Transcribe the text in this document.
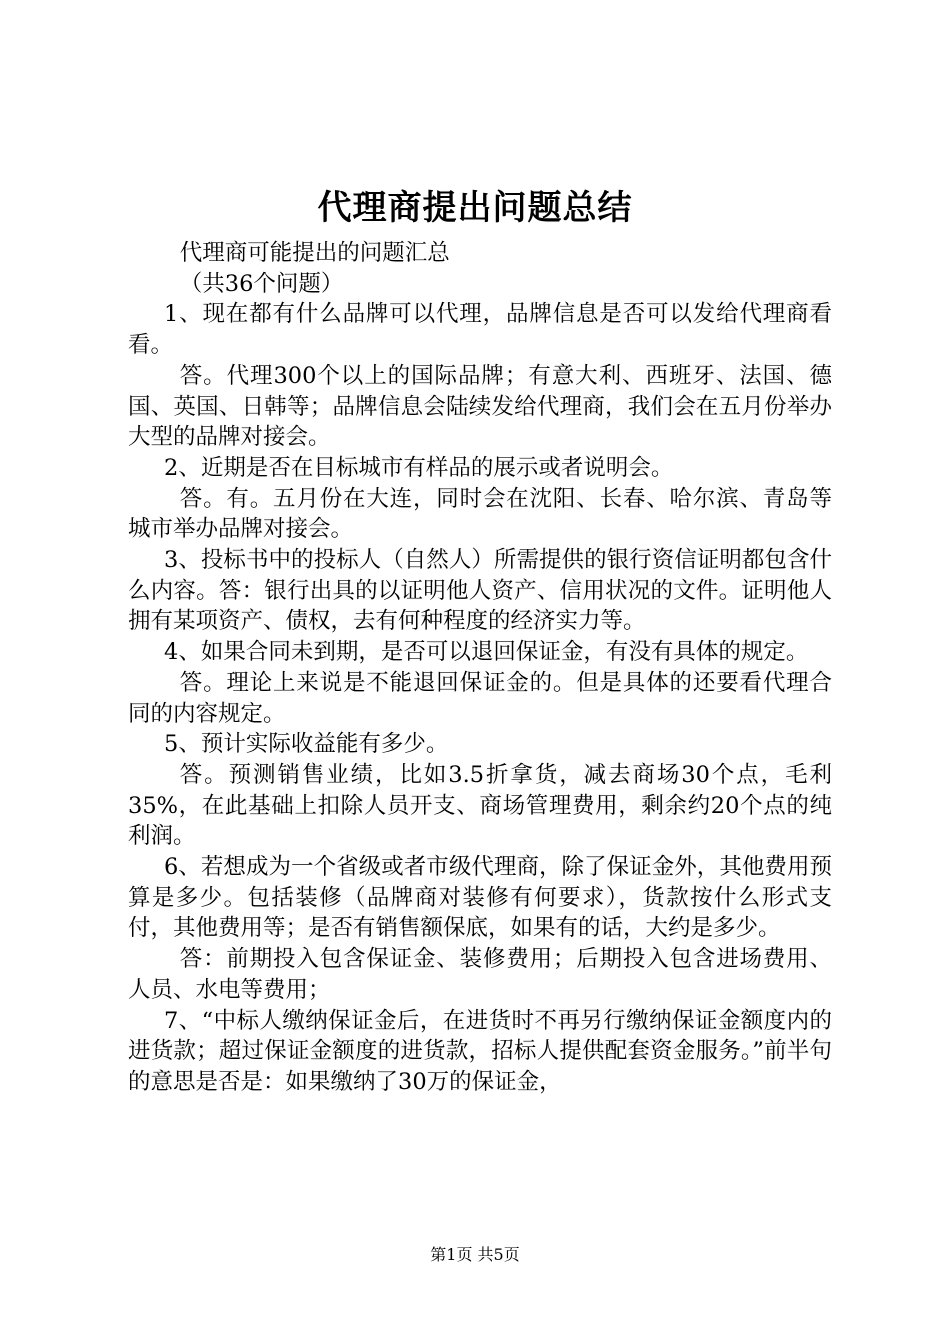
代理商提出问题总结

代理商可能提出的问题汇总

（共36个问题）

1、现在都有什么品牌可以代理，品牌信息是否可以发给代理商看看。

答。代理300个以上的国际品牌；有意大利、西班牙、法国、德国、英国、日韩等；品牌信息会陆续发给代理商，我们会在五月份举办大型的品牌对接会。

2、近期是否在目标城市有样品的展示或者说明会。

答。有。五月份在大连，同时会在沈阳、长春、哈尔滨、青岛等城市举办品牌对接会。

3、投标书中的投标人（自然人）所需提供的银行资信证明都包含什么内容。答：银行出具的以证明他人资产、信用状况的文件。证明他人拥有某项资产、债权，去有何种程度的经济实力等。

4、如果合同未到期，是否可以退回保证金，有没有具体的规定。

答。理论上来说是不能退回保证金的。但是具体的还要看代理合同的内容规定。

5、预计实际收益能有多少。

答。预测销售业绩，比如3.5折拿货，减去商场30个点，毛利35%，在此基础上扣除人员开支、商场管理费用，剩余约20个点的纯利润。

6、若想成为一个省级或者市级代理商，除了保证金外，其他费用预算是多少。包括装修（品牌商对装修有何要求），货款按什么形式支付，其他费用等；是否有销售额保底，如果有的话，大约是多少。

答：前期投入包含保证金、装修费用；后期投入包含进场费用、人员、水电等费用；

7、“中标人缴纳保证金后，在进货时不再另行缴纳保证金额度内的进货款；超过保证金额度的进货款，招标人提供配套资金服务。”前半句的意思是否是：如果缴纳了30万的保证金，

第1页 共5页
